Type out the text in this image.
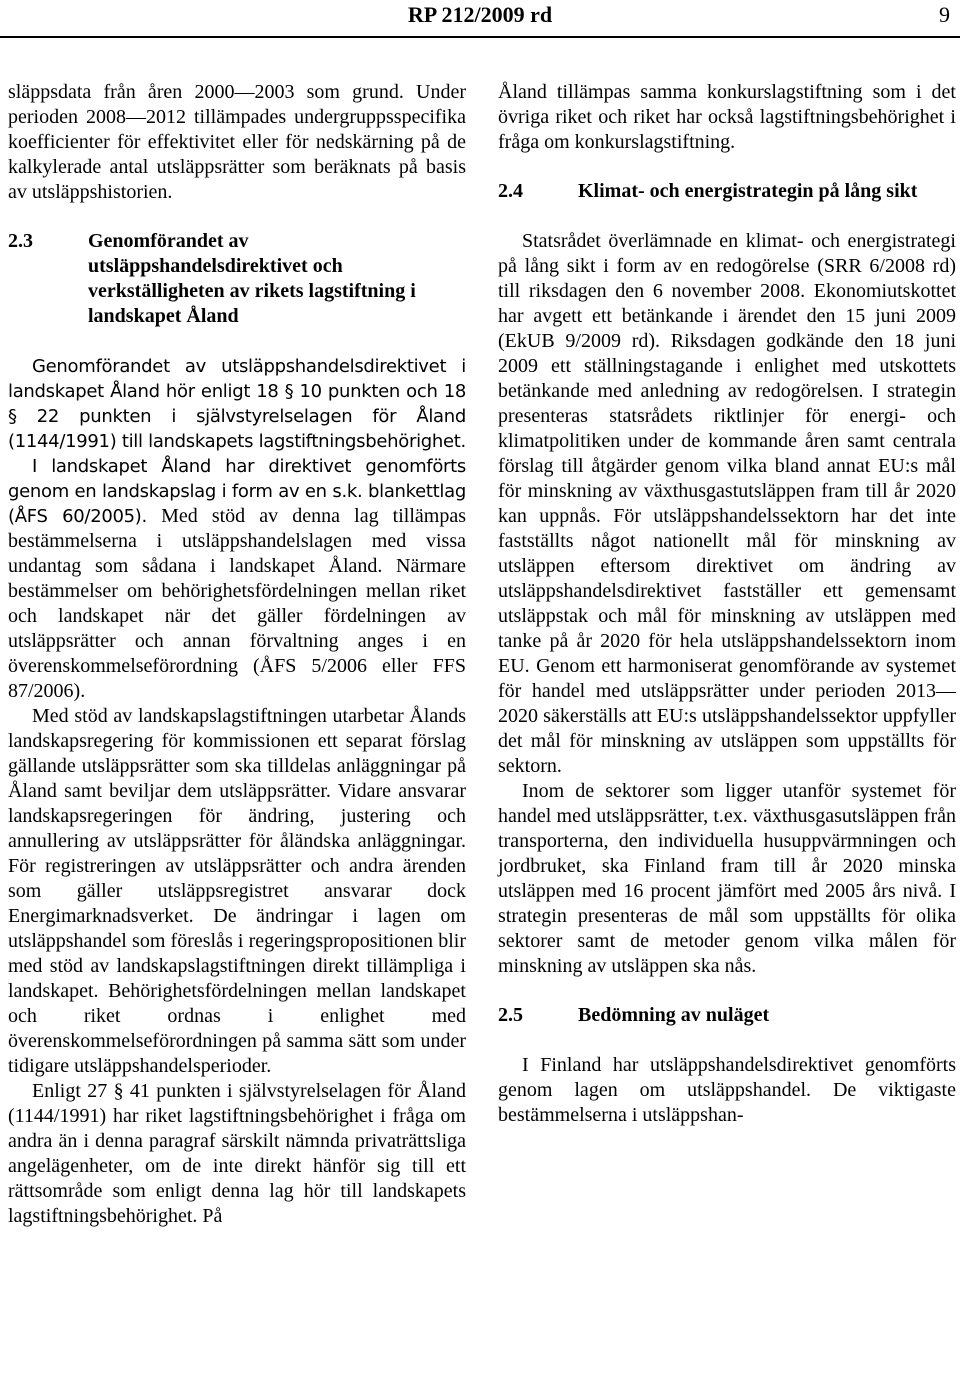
RP 212/2009 rd	9

släppsdata från åren 2000—2003 som grund. Under perioden 2008—2012 tillämpades undergruppsspecifika koefficienter för effektivitet eller för nedskärning på de kalkylerade antal utsläppsrätter som beräknats på basis av utsläppshistorien.

2.3	Genomförandet av utsläppshandelsdirektivet och verkställigheten av rikets lagstiftning i landskapet Åland

Genomförandet av utsläppshandelsdirektivet i landskapet Åland hör enligt 18 § 10 punkten och 18 § 22 punkten i självstyrelselagen för Åland (1144/1991) till landskapets lagstiftningsbehörighet.

I landskapet Åland har direktivet genomförts genom en landskapslag i form av en s.k. blankettlag (ÅFS 60/2005). Med stöd av denna lag tillämpas bestämmelserna i utsläppshandelslagen med vissa undantag som sådana i landskapet Åland. Närmare bestämmelser om behörighetsfördelningen mellan riket och landskapet när det gäller fördelningen av utsläppsrätter och annan förvaltning anges i en överenskommelseförordning (ÅFS 5/2006 eller FFS 87/2006).

Med stöd av landskapslagstiftningen utarbetar Ålands landskapsregering för kommissionen ett separat förslag gällande utsläppsrätter som ska tilldelas anläggningar på Åland samt beviljar dem utsläppsrätter. Vidare ansvarar landskapsregeringen för ändring, justering och annullering av utsläppsrätter för åländska anläggningar. För registreringen av utsläppsrätter och andra ärenden som gäller utsläppsregistret ansvarar dock Energimarknadsverket. De ändringar i lagen om utsläppshandel som föreslås i regeringspropositionen blir med stöd av landskapslagstiftningen direkt tillämpliga i landskapet. Behörighetsfördelningen mellan landskapet och riket ordnas i enlighet med överenskommelseförordningen på samma sätt som under tidigare utsläppshandelsperioder.

Enligt 27 § 41 punkten i självstyrelselagen för Åland (1144/1991) har riket lagstiftningsbehörighet i fråga om andra än i denna paragraf särskilt nämnda privaträttsliga angelägenheter, om de inte direkt hänför sig till ett rättsområde som enligt denna lag hör till landskapets lagstiftningsbehörighet. På

Åland tillämpas samma konkurslagstiftning som i det övriga riket och riket har också lagstiftningsbehörighet i fråga om konkurslagstiftning.

2.4	Klimat- och energistrategin på lång sikt

Statsrådet överlämnade en klimat- och energistrategi på lång sikt i form av en redogörelse (SRR 6/2008 rd) till riksdagen den 6 november 2008. Ekonomiutskottet har avgett ett betänkande i ärendet den 15 juni 2009 (EkUB 9/2009 rd). Riksdagen godkände den 18 juni 2009 ett ställningstagande i enlighet med utskottets betänkande med anledning av redogörelsen. I strategin presenteras statsrådets riktlinjer för energi- och klimatpolitiken under de kommande åren samt centrala förslag till åtgärder genom vilka bland annat EU:s mål för minskning av växthusgastutsläppen fram till år 2020 kan uppnås. För utsläppshandelssektorn har det inte fastställts något nationellt mål för minskning av utsläppen eftersom direktivet om ändring av utsläppshandelsdirektivet fastställer ett gemensamt utsläppstak och mål för minskning av utsläppen med tanke på år 2020 för hela utsläppshandelssektorn inom EU. Genom ett harmoniserat genomförande av systemet för handel med utsläppsrätter under perioden 2013—2020 säkerställs att EU:s utsläppshandelssektor uppfyller det mål för minskning av utsläppen som uppställts för sektorn.

Inom de sektorer som ligger utanför systemet för handel med utsläppsrätter, t.ex. växthusgasutsläppen från transporterna, den individuella husuppvärmningen och jordbruket, ska Finland fram till år 2020 minska utsläppen med 16 procent jämfört med 2005 års nivå. I strategin presenteras de mål som uppställts för olika sektorer samt de metoder genom vilka målen för minskning av utsläppen ska nås.

2.5	Bedömning av nuläget

I Finland har utsläppshandelsdirektivet genomförts genom lagen om utsläppshandel. De viktigaste bestämmelserna i utsläppshan-
